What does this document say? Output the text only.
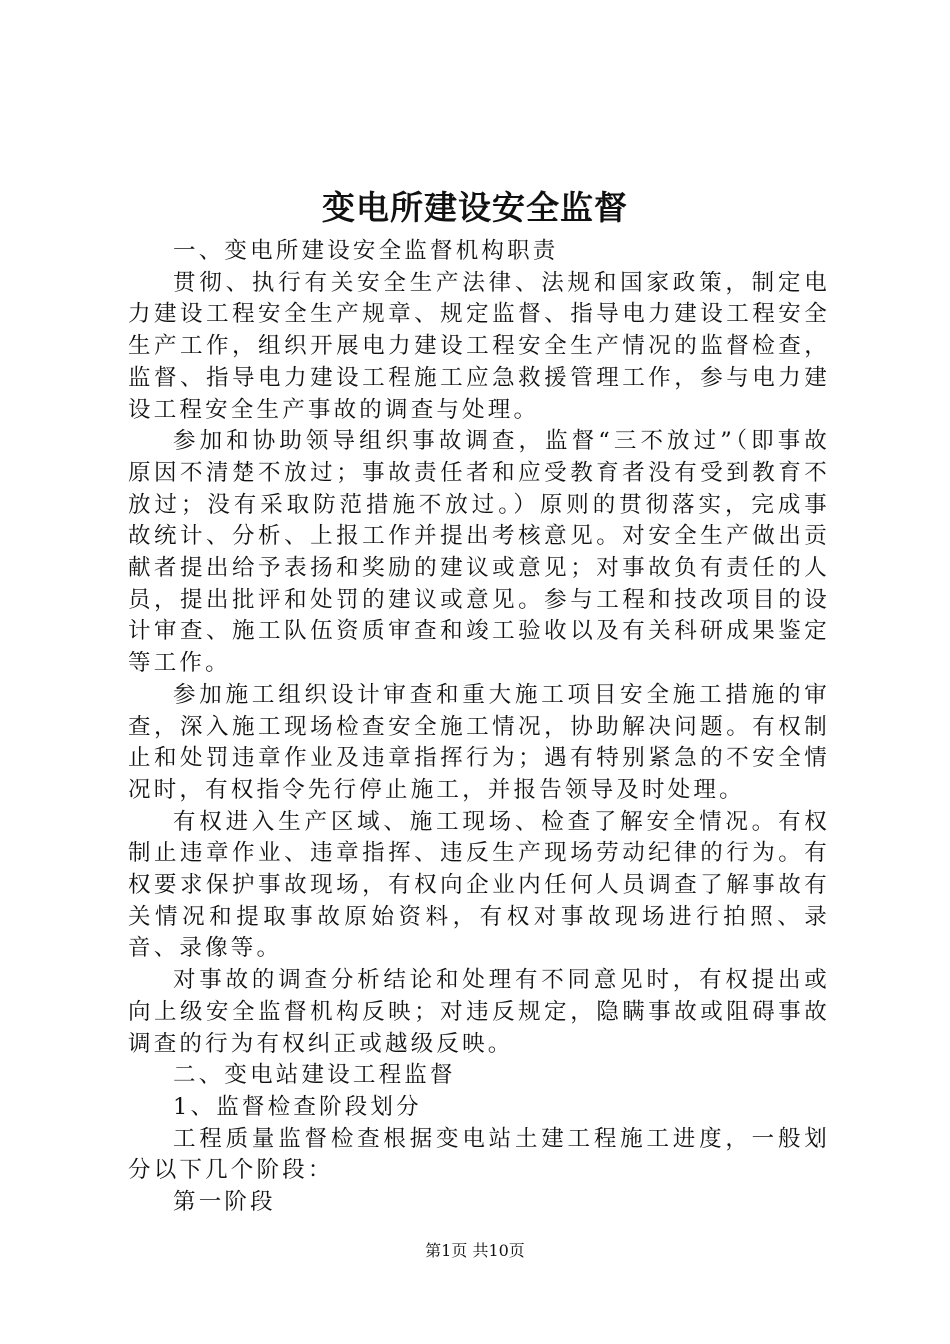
变电所建设安全监督

一、变电所建设安全监督机构职责

贯彻、执行有关安全生产法律、法规和国家政策，制定电力建设工程安全生产规章、规定监督、指导电力建设工程安全生产工作，组织开展电力建设工程安全生产情况的监督检查，监督、指导电力建设工程施工应急救援管理工作，参与电力建设工程安全生产事故的调查与处理。

参加和协助领导组织事故调查，监督“三不放过”（即事故原因不清楚不放过；事故责任者和应受教育者没有受到教育不放过；没有采取防范措施不放过。）原则的贯彻落实，完成事故统计、分析、上报工作并提出考核意见。对安全生产做出贡献者提出给予表扬和奖励的建议或意见；对事故负有责任的人员，提出批评和处罚的建议或意见。参与工程和技改项目的设计审查、施工队伍资质审查和竣工验收以及有关科研成果鉴定等工作。

参加施工组织设计审查和重大施工项目安全施工措施的审查，深入施工现场检查安全施工情况，协助解决问题。有权制止和处罚违章作业及违章指挥行为；遇有特别紧急的不安全情况时，有权指令先行停止施工，并报告领导及时处理。

有权进入生产区域、施工现场、检查了解安全情况。有权制止违章作业、违章指挥、违反生产现场劳动纪律的行为。有权要求保护事故现场，有权向企业内任何人员调查了解事故有关情况和提取事故原始资料，有权对事故现场进行拍照、录音、录像等。

对事故的调查分析结论和处理有不同意见时，有权提出或向上级安全监督机构反映；对违反规定，隐瞒事故或阻碍事故调查的行为有权纠正或越级反映。

二、变电站建设工程监督

1、监督检查阶段划分

工程质量监督检查根据变电站土建工程施工进度，一般划分以下几个阶段：

第一阶段

第1页 共10页
